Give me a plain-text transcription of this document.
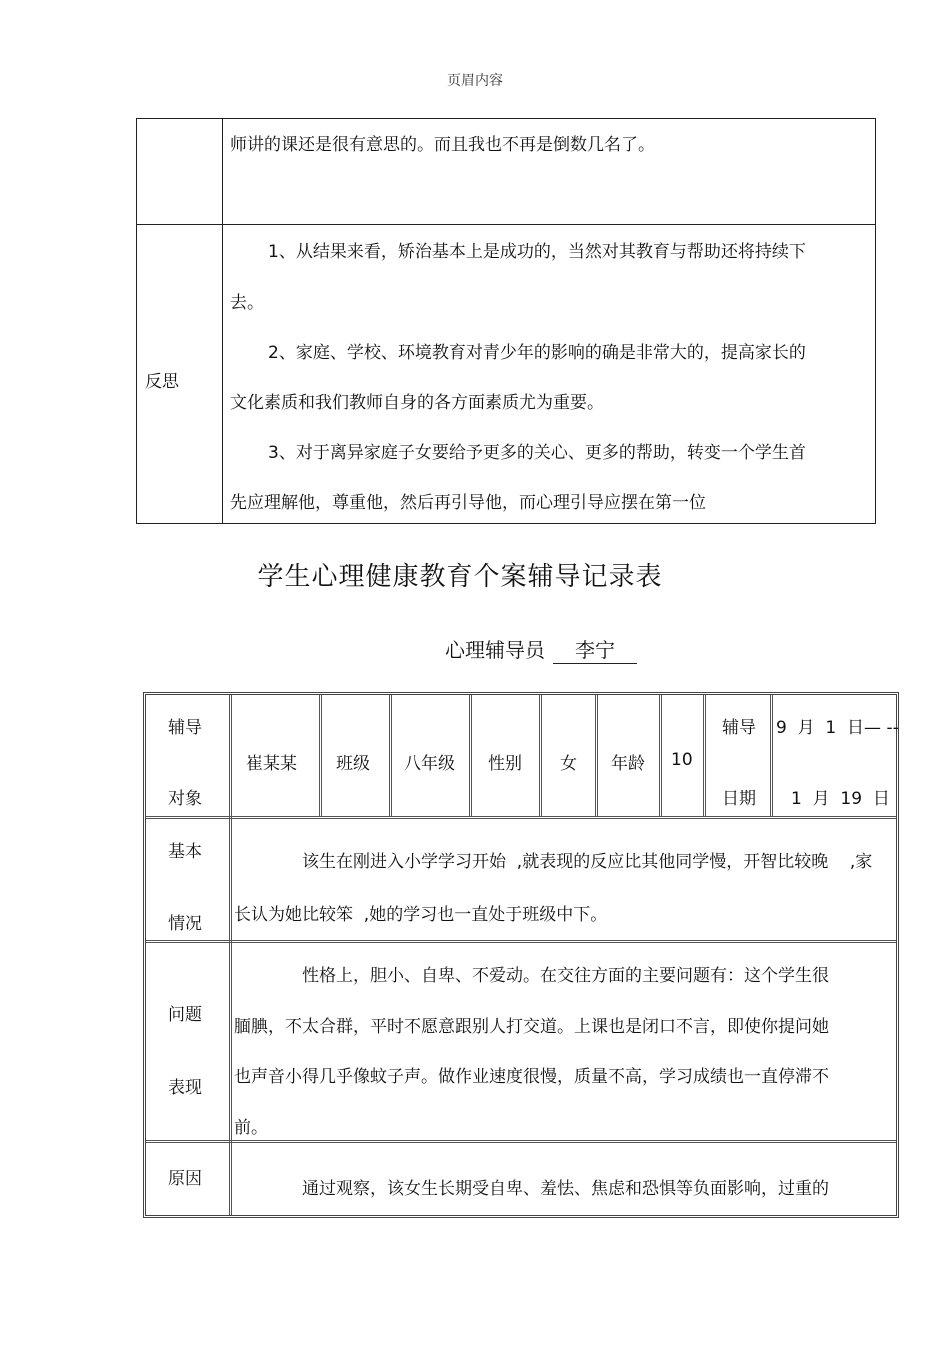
页眉内容
师讲的课还是很有意思的。而且我也不再是倒数几名了。
反思
1、从结果来看，矫治基本上是成功的，当然对其教育与帮助还将持续下
去。
2、家庭、学校、环境教育对青少年的影响的确是非常大的，提高家长的
文化素质和我们教师自身的各方面素质尤为重要。
3、对于离异家庭子女要给予更多的关心、更多的帮助，转变一个学生首
先应理解他，尊重他，然后再引导他，而心理引导应摆在第一位
学生心理健康教育个案辅导记录表
心理辅导员 李宁
辅导
对象
崔某某 班级 八年级 性别 女 年龄 10
辅导
日期
9  月  1  日— --
1  月  19  日
基本
情况
该生在刚进入小学学习开始  ,就表现的反应比其他同学慢，开智比较晚    ,家
长认为她比较笨  ,她的学习也一直处于班级中下。
问题
表现
性格上，胆小、自卑、不爱动。在交往方面的主要问题有：这个学生很
腼腆，不太合群，平时不愿意跟别人打交道。上课也是闭口不言，即使你提问她
也声音小得几乎像蚊子声。做作业速度很慢，质量不高，学习成绩也一直停滞不
前。
原因	通过观察，该女生长期受自卑、羞怯、焦虑和恐惧等负面影响，过重的
